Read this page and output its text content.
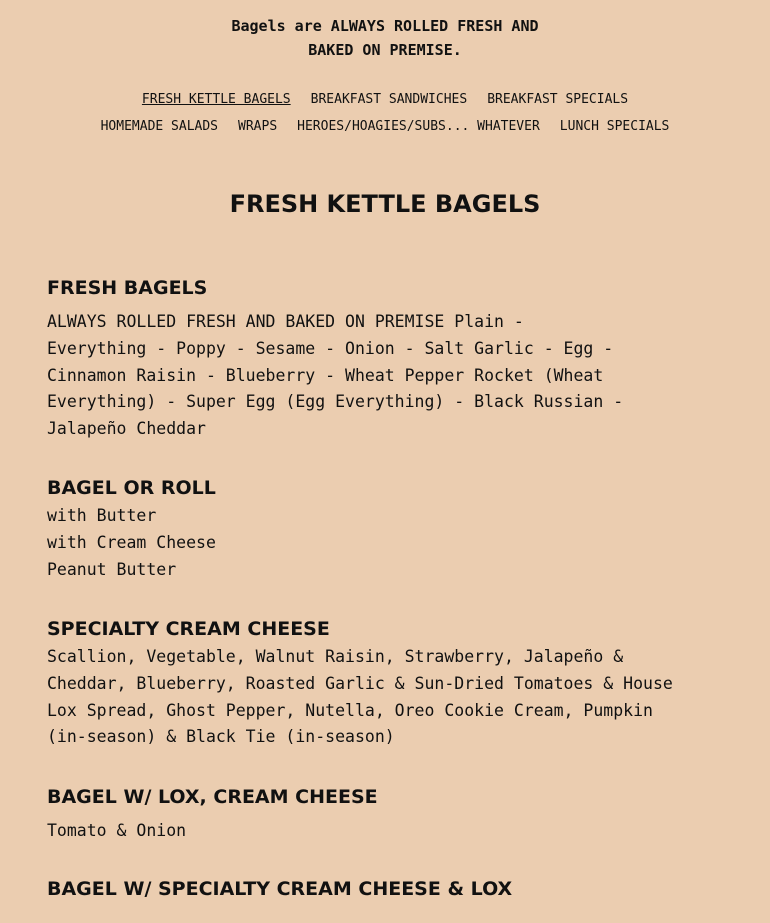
Bagels are ALWAYS ROLLED FRESH AND
BAKED ON PREMISE.
FRESH KETTLE BAGELS BREAKFAST SANDWICHES BREAKFAST SPECIALS
HOMEMADE SALADS WRAPS HEROES/HOAGIES/SUBS... WHATEVER LUNCH SPECIALS
FRESH KETTLE BAGELS
FRESH BAGELS

ALWAYS ROLLED FRESH AND BAKED ON PREMISE Plain -
Everything - Poppy - Sesame - Onion - Salt Garlic - Egg -
Cinnamon Raisin - Blueberry - Wheat Pepper Rocket (Wheat
Everything) - Super Egg (Egg Everything) - Black Russian -
Jalapeño Cheddar

BAGEL OR ROLL

with Butter
with Cream Cheese
Peanut Butter

SPECIALTY CREAM CHEESE

Scallion, Vegetable, Walnut Raisin, Strawberry, Jalapeño &
Cheddar, Blueberry, Roasted Garlic & Sun-Dried Tomatoes & House
Lox Spread, Ghost Pepper, Nutella, Oreo Cookie Cream, Pumpkin
(in-season) & Black Tie (in-season)

BAGEL W/ LOX, CREAM CHEESE

Tomato & Onion

BAGEL W/ SPECIALTY CREAM CHEESE & LOX
